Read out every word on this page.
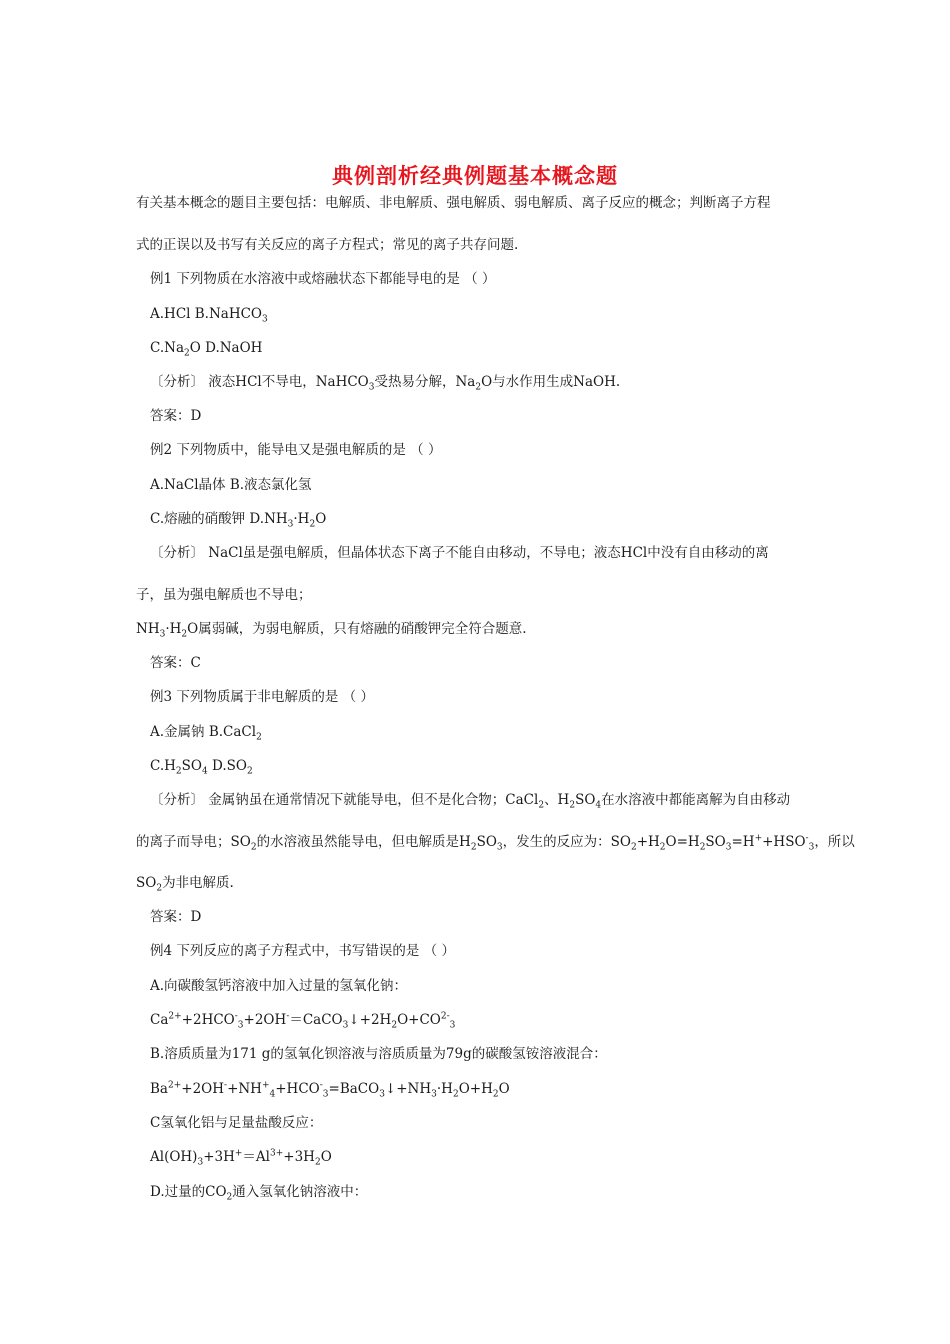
典例剖析经典例题基本概念题
有关基本概念的题目主要包括：电解质、非电解质、强电解质、弱电解质、离子反应的概念；判断离子方程
式的正误以及书写有关反应的离子方程式；常见的离子共存问题.
例1 下列物质在水溶液中或熔融状态下都能导电的是 （ ）
A.HCl B.NaHCO$_3$
$C.Na_2O$ D.NaOH
〔分析〕 液态HCl不导电，NaHCO$_3$受热易分解，$Na_2O$与水作用生成NaOH.
答案：D
例2 下列物质中，能导电又是强电解质的是 （ ）
A.NaCl晶体 B.液态氯化氢
C.熔融的硝酸钾 $D.NH_3\cdot H_2O$
〔分析〕 NaCl虽是强电解质，但晶体状态下离子不能自由移动，不导电；液态HCl中没有自由移动的离
子，虽为强电解质也不导电；
$NH_3\cdot H_2O$属弱碱，为弱电解质，只有熔融的硝酸钾完全符合题意.
答案：C
例3 下列物质属于非电解质的是 （ ）
A.金属钠 B.CaCl$_2$
$C.H_2SO_4$ $D.SO_2$
〔分析〕 金属钠虽在通常情况下就能导电，但不是化合物；CaCl$_2$、$H_2SO_4$在水溶液中都能离解为自由移动
的离子而导电；$SO_2$的水溶液虽然能导电，但电解质是$H_2SO_3$，发生的反应为：$SO_2+H_2O=H_2SO_3=H^++HSO^-_3$，所以
$SO_2$为非电解质.
答案：D
例4 下列反应的离子方程式中，书写错误的是 （ ）
A.向碳酸氢钙溶液中加入过量的氢氧化钠：
$Ca^{2+}+2HCO^-_3+2OH^-=CaCO_3↓+2H_2O+CO^{2-}_3$
B.溶质质量为171 g的氢氧化钡溶液与溶质质量为79g的碳酸氢铵溶液混合：
$Ba^{2+}+2OH^-+NH^+_4+HCO^-_3=BaCO_3↓+NH_3\cdot H_2O+H_2O$
C氢氧化铝与足量盐酸反应：
$Al(OH)_3+3H^+=Al^{3+}+3H_2O$
D.过量的$CO_2$通入氢氧化钠溶液中：
